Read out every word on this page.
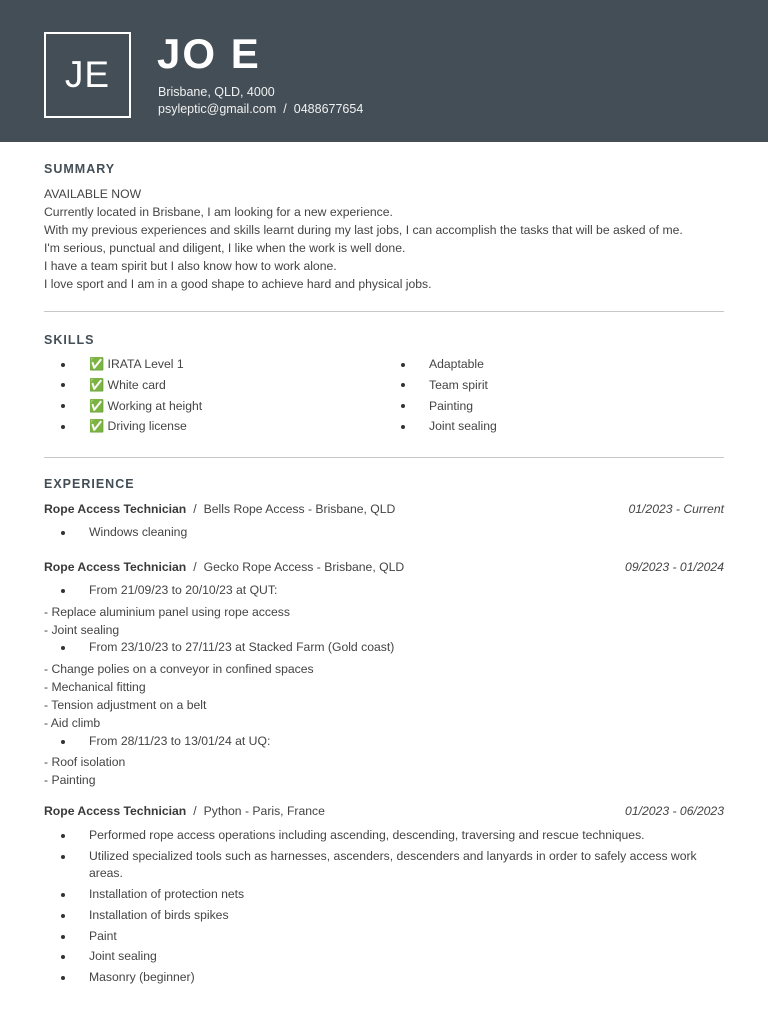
JE	JO E
Brisbane, QLD, 4000
psyleptic@gmail.com / 0488677654
SUMMARY
AVAILABLE NOW
Currently located in Brisbane, I am looking for a new experience.
With my previous experiences and skills learnt during my last jobs, I can accomplish the tasks that will be asked of me.
I'm serious, punctual and diligent, I like when the work is well done.
I have a team spirit but I also know how to work alone.
I love sport and I am in a good shape to achieve hard and physical jobs.
SKILLS
✅ IRATA Level 1
✅ White card
✅ Working at height
✅ Driving license
Adaptable
Team spirit
Painting
Joint sealing
EXPERIENCE
Rope Access Technician / Bells Rope Access - Brisbane, QLD	01/2023 - Current
Windows cleaning
Rope Access Technician / Gecko Rope Access - Brisbane, QLD	09/2023 - 01/2024
From 21/09/23 to 20/10/23 at QUT:
- Replace aluminium panel using rope access
- Joint sealing
From 23/10/23 to 27/11/23 at Stacked Farm (Gold coast)
- Change polies on a conveyor in confined spaces
- Mechanical fitting
- Tension adjustment on a belt
- Aid climb
From 28/11/23 to 13/01/24 at UQ:
- Roof isolation
- Painting
Rope Access Technician / Python - Paris, France	01/2023 - 06/2023
Performed rope access operations including ascending, descending, traversing and rescue techniques.
Utilized specialized tools such as harnesses, ascenders, descenders and lanyards in order to safely access work areas.
Installation of protection nets
Installation of birds spikes
Paint
Joint sealing
Masonry (beginner)
